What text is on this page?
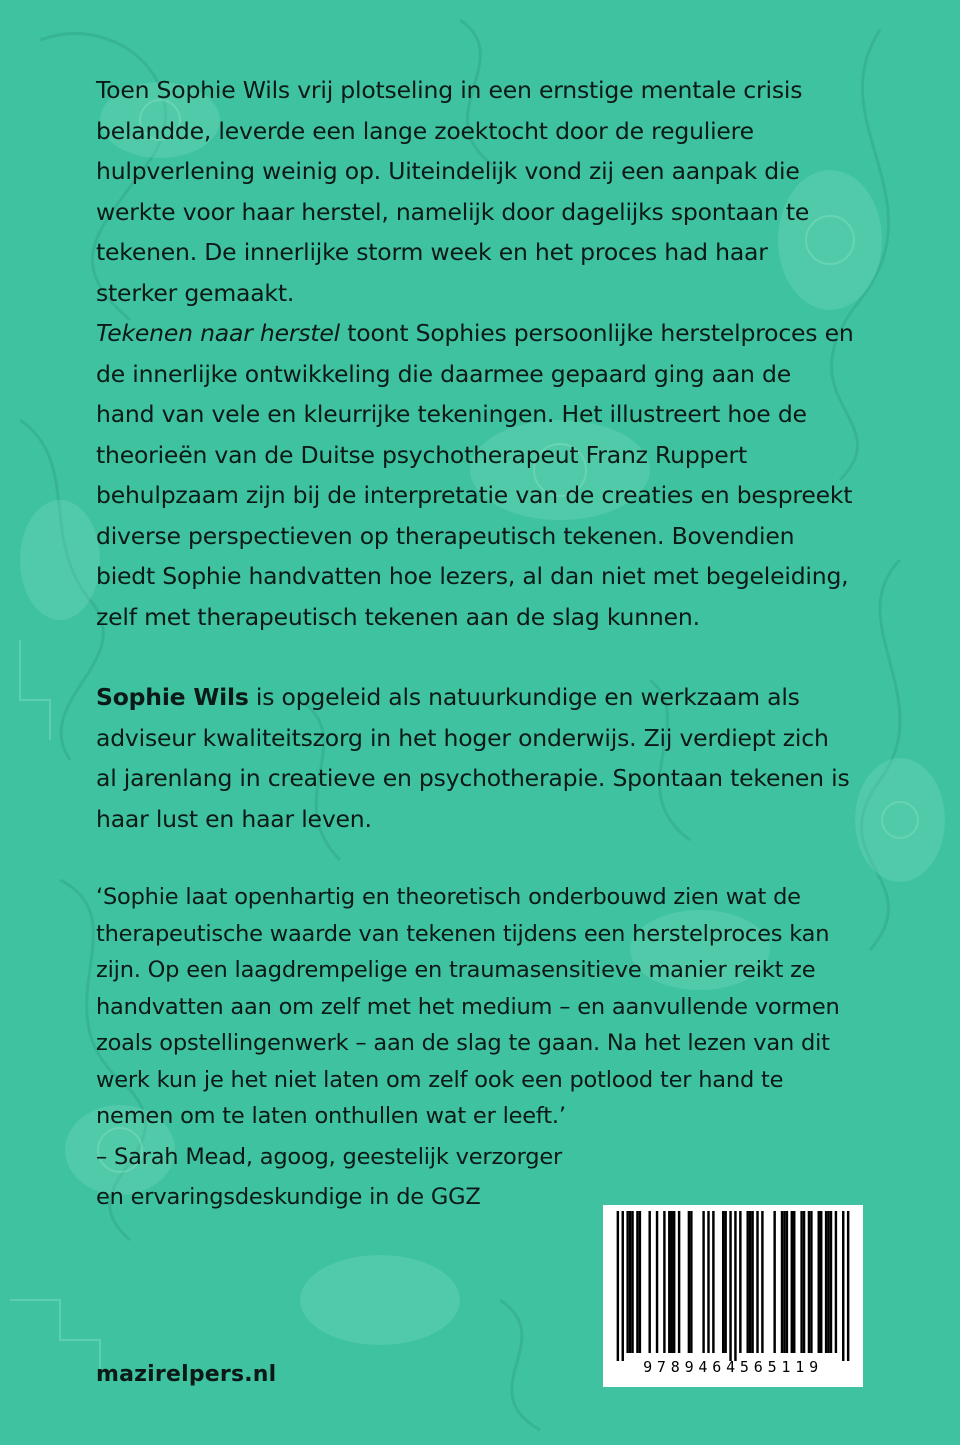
Toen Sophie Wils vrij plotseling in een ernstige mentale crisis belandde, leverde een lange zoektocht door de reguliere hulpverlening weinig op. Uiteindelijk vond zij een aanpak die werkte voor haar herstel, namelijk door dagelijks spontaan te tekenen. De innerlijke storm week en het proces had haar sterker gemaakt.

Tekenen naar herstel toont Sophies persoonlijke herstelproces en de innerlijke ontwikkeling die daarmee gepaard ging aan de hand van vele en kleurrijke tekeningen. Het illustreert hoe de theorieën van de Duitse psychotherapeut Franz Ruppert behulpzaam zijn bij de interpretatie van de creaties en bespreekt diverse perspectieven op therapeutisch tekenen. Bovendien biedt Sophie handvatten hoe lezers, al dan niet met begeleiding, zelf met therapeutisch tekenen aan de slag kunnen.

Sophie Wils is opgeleid als natuurkundige en werkzaam als adviseur kwaliteitszorg in het hoger onderwijs. Zij verdiept zich al jarenlang in creatieve en psychotherapie. Spontaan tekenen is haar lust en haar leven.

‘Sophie laat openhartig en theoretisch onderbouwd zien wat de therapeutische waarde van tekenen tijdens een herstelproces kan zijn. Op een laagdrempelige en traumasensitieve manier reikt ze handvatten aan om zelf met het medium – en aanvullende vormen zoals opstellingenwerk – aan de slag te gaan. Na het lezen van dit werk kun je het niet laten om zelf ook een potlood ter hand te nemen om te laten onthullen wat er leeft.’

– Sarah Mead, agoog, geestelijk verzorger

en ervaringsdeskundige in de GGZ

mazirelpers.nl	9789464565119
